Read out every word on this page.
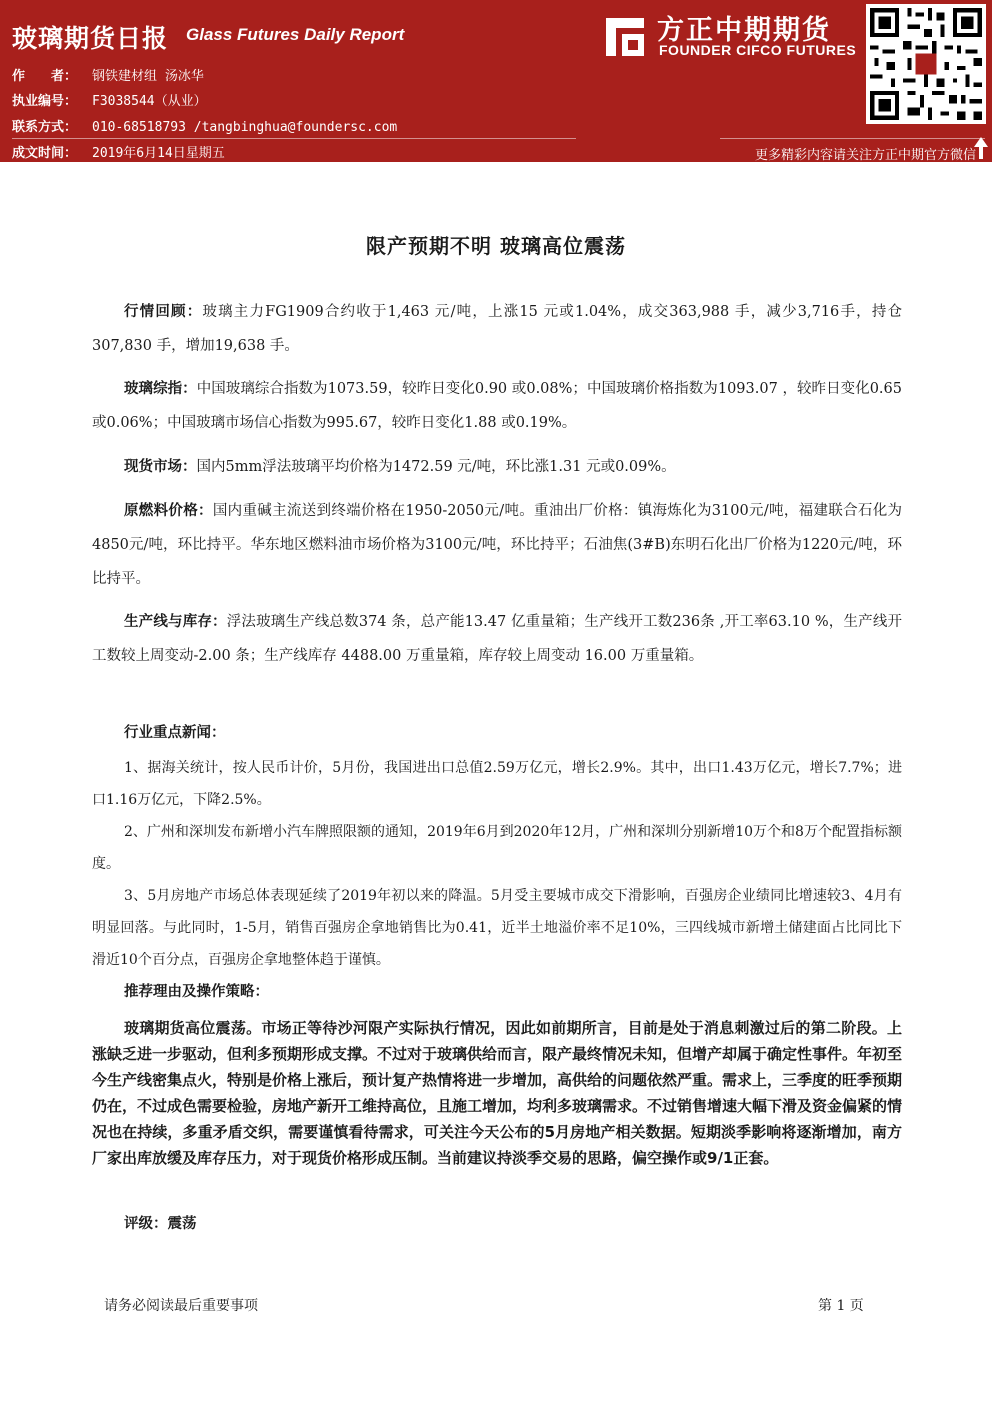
玻璃期货日报 Glass Futures Daily Report
作　　者： 钢铁建材组 汤冰华
执业编号： F3038544（从业）
联系方式： 010-68518793 /tangbinghua@foundersc.com
成文时间： 2019年6月14日星期五
方正中期期货
FOUNDER CIFCO FUTURES
更多精彩内容请关注方正中期官方微信
限产预期不明 玻璃高位震荡
行情回顾：玻璃主力FG1909合约收于1,463 元/吨，上涨15 元或1.04%，成交363,988 手，减少3,716手，持仓307,830 手，增加19,638 手。
玻璃综指：中国玻璃综合指数为1073.59，较昨日变化0.90 或0.08%；中国玻璃价格指数为1093.07 ，较昨日变化0.65 或0.06%；中国玻璃市场信心指数为995.67，较昨日变化1.88 或0.19%。
现货市场：国内5mm浮法玻璃平均价格为1472.59 元/吨，环比涨1.31 元或0.09%。
原燃料价格：国内重碱主流送到终端价格在1950-2050元/吨。重油出厂价格：镇海炼化为3100元/吨，福建联合石化为4850元/吨，环比持平。华东地区燃料油市场价格为3100元/吨，环比持平；石油焦(3#B)东明石化出厂价格为1220元/吨，环比持平。
生产线与库存：浮法玻璃生产线总数374 条，总产能13.47 亿重量箱；生产线开工数236条 ,开工率63.10 %，生产线开工数较上周变动-2.00 条；生产线库存 4488.00 万重量箱，库存较上周变动 16.00 万重量箱。
行业重点新闻：
1、据海关统计，按人民币计价，5月份，我国进出口总值2.59万亿元，增长2.9%。其中，出口1.43万亿元，增长7.7%；进口1.16万亿元，下降2.5%。
2、广州和深圳发布新增小汽车牌照限额的通知，2019年6月到2020年12月，广州和深圳分别新增10万个和8万个配置指标额度。
3、5月房地产市场总体表现延续了2019年初以来的降温。5月受主要城市成交下滑影响，百强房企业绩同比增速较3、4月有明显回落。与此同时，1-5月，销售百强房企拿地销售比为0.41，近半土地溢价率不足10%，三四线城市新增土储建面占比同比下滑近10个百分点，百强房企拿地整体趋于谨慎。
推荐理由及操作策略：
玻璃期货高位震荡。市场正等待沙河限产实际执行情况，因此如前期所言，目前是处于消息刺激过后的第二阶段。上涨缺乏进一步驱动，但利多预期形成支撑。不过对于玻璃供给而言，限产最终情况未知，但增产却属于确定性事件。年初至今生产线密集点火，特别是价格上涨后，预计复产热情将进一步增加，高供给的问题依然严重。需求上，三季度的旺季预期仍在，不过成色需要检验，房地产新开工维持高位，且施工增加，均利多玻璃需求。不过销售增速大幅下滑及资金偏紧的情况也在持续，多重矛盾交织，需要谨慎看待需求，可关注今天公布的5月房地产相关数据。短期淡季影响将逐渐增加，南方厂家出库放缓及库存压力，对于现货价格形成压制。当前建议持淡季交易的思路，偏空操作或9/1正套。
评级：震荡
请务必阅读最后重要事项	第 1 页
